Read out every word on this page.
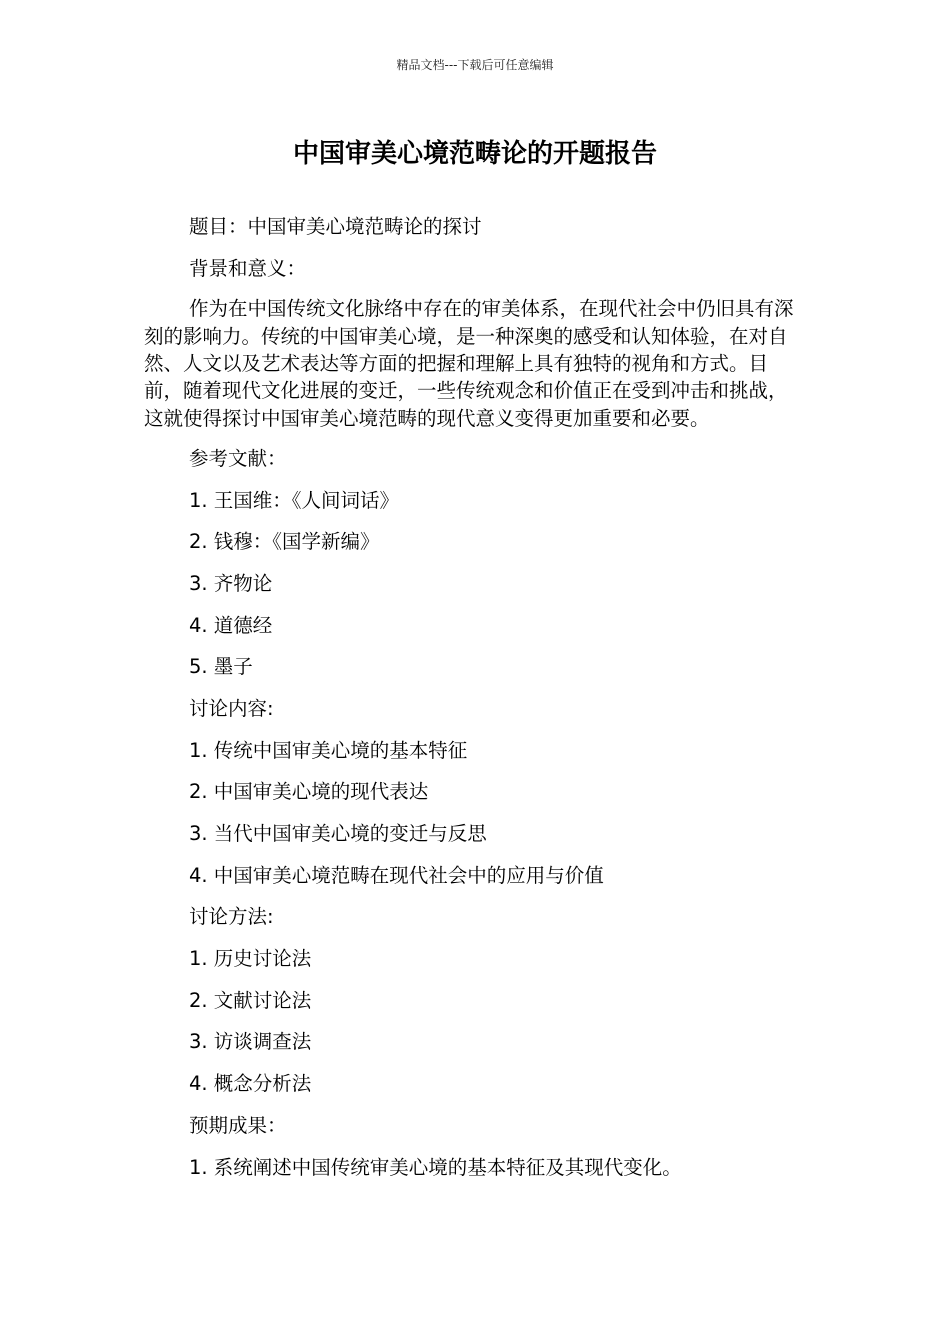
精品文档---下载后可任意编辑
中国审美心境范畴论的开题报告
题目：中国审美心境范畴论的探讨
背景和意义：
作为在中国传统文化脉络中存在的审美体系，在现代社会中仍旧具有深刻的影响力。传统的中国审美心境，是一种深奥的感受和认知体验，在对自然、人文以及艺术表达等方面的把握和理解上具有独特的视角和方式。目前，随着现代文化进展的变迁，一些传统观念和价值正在受到冲击和挑战，这就使得探讨中国审美心境范畴的现代意义变得更加重要和必要。
参考文献：
1. 王国维：《人间词话》
2. 钱穆：《国学新编》
3. 齐物论
4. 道德经
5. 墨子
讨论内容:
1. 传统中国审美心境的基本特征
2. 中国审美心境的现代表达
3. 当代中国审美心境的变迁与反思
4. 中国审美心境范畴在现代社会中的应用与价值
讨论方法:
1. 历史讨论法
2. 文献讨论法
3. 访谈调查法
4. 概念分析法
预期成果：
1. 系统阐述中国传统审美心境的基本特征及其现代变化。
